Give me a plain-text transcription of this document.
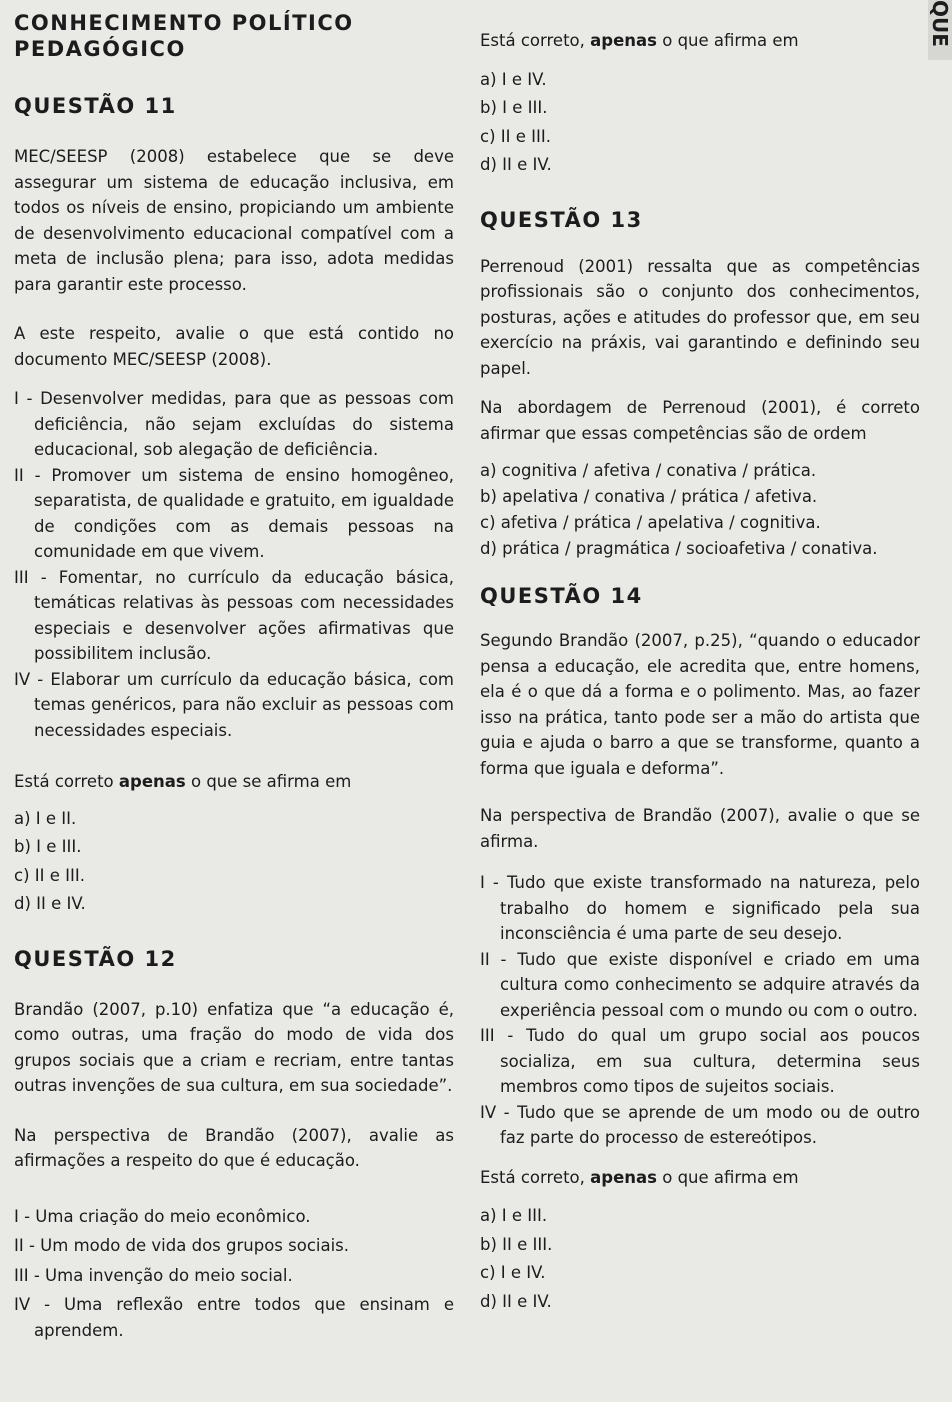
QUE
CONHECIMENTO POLÍTICO
PEDAGÓGICO
QUESTÃO 11

MEC/SEESP (2008) estabelece que se deve assegurar um sistema de educação inclusiva, em todos os níveis de ensino, propiciando um ambiente de desenvolvimento educacional compatível com a meta de inclusão plena; para isso, adota medidas para garantir este processo.

A este respeito, avalie o que está contido no documento MEC/SEESP (2008).

I - Desenvolver medidas, para que as pessoas com deficiência, não sejam excluídas do sistema educacional, sob alegação de deficiência.
II - Promover um sistema de ensino homogêneo, separatista, de qualidade e gratuito, em igualdade de condições com as demais pessoas na comunidade em que vivem.
III - Fomentar, no currículo da educação básica, temáticas relativas às pessoas com necessidades especiais e desenvolver ações afirmativas que possibilitem inclusão.
IV - Elaborar um currículo da educação básica, com temas genéricos, para não excluir as pessoas com necessidades especiais.

Está correto apenas o que se afirma em

a) I e II.
b) I e III.
c) II e III.
d) II e IV.
QUESTÃO 12

Brandão (2007, p.10) enfatiza que “a educação é, como outras, uma fração do modo de vida dos grupos sociais que a criam e recriam, entre tantas outras invenções de sua cultura, em sua sociedade”.

Na perspectiva de Brandão (2007), avalie as afirmações a respeito do que é educação.

I - Uma criação do meio econômico.
II - Um modo de vida dos grupos sociais.
III - Uma invenção do meio social.
IV - Uma reflexão entre todos que ensinam e aprendem.

Está correto, apenas o que afirma em

a) I e IV.
b) I e III.
c) II e III.
d) II e IV.
QUESTÃO 13

Perrenoud (2001) ressalta que as competências profissionais são o conjunto dos conhecimentos, posturas, ações e atitudes do professor que, em seu exercício na práxis, vai garantindo e definindo seu papel.

Na abordagem de Perrenoud (2001), é correto afirmar que essas competências são de ordem

a) cognitiva / afetiva / conativa / prática.
b) apelativa / conativa / prática / afetiva.
c) afetiva / prática / apelativa / cognitiva.
d) prática / pragmática / socioafetiva / conativa.
QUESTÃO 14

Segundo Brandão (2007, p.25), “quando o educador pensa a educação, ele acredita que, entre homens, ela é o que dá a forma e o polimento. Mas, ao fazer isso na prática, tanto pode ser a mão do artista que guia e ajuda o barro a que se transforme, quanto a forma que iguala e deforma”.

Na perspectiva de Brandão (2007), avalie o que se afirma.

I - Tudo que existe transformado na natureza, pelo trabalho do homem e significado pela sua inconsciência é uma parte de seu desejo.
II - Tudo que existe disponível e criado em uma cultura como conhecimento se adquire através da experiência pessoal com o mundo ou com o outro.
III - Tudo do qual um grupo social aos poucos socializa, em sua cultura, determina seus membros como tipos de sujeitos sociais.
IV - Tudo que se aprende de um modo ou de outro faz parte do processo de estereótipos.

Está correto, apenas o que afirma em

a) I e III.
b) II e III.
c) I e IV.
d) II e IV.
